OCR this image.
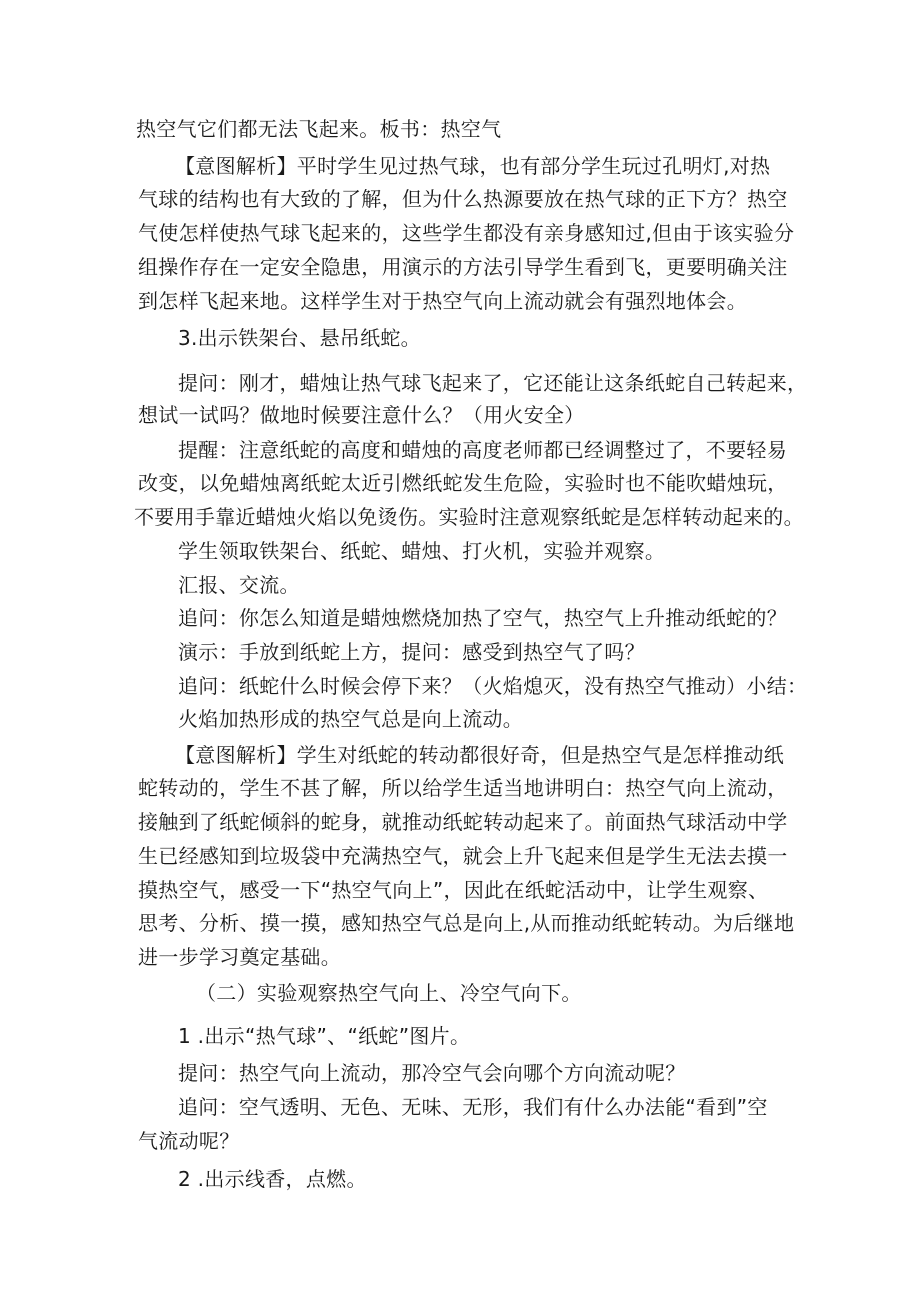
热空气它们都无法飞起来。板书：热空气
【意图解析】平时学生见过热气球，也有部分学生玩过孔明灯,对热
气球的结构也有大致的了解，但为什么热源要放在热气球的正下方？热空
气使怎样使热气球飞起来的，这些学生都没有亲身感知过,但由于该实验分
组操作存在一定安全隐患，用演示的方法引导学生看到飞，更要明确关注
到怎样飞起来地。这样学生对于热空气向上流动就会有强烈地体会。
3.出示铁架台、悬吊纸蛇。
提问：刚才，蜡烛让热气球飞起来了，它还能让这条纸蛇自己转起来，
想试一试吗？做地时候要注意什么？（用火安全）
提醒：注意纸蛇的高度和蜡烛的高度老师都已经调整过了，不要轻易
改变，以免蜡烛离纸蛇太近引燃纸蛇发生危险，实验时也不能吹蜡烛玩，
不要用手靠近蜡烛火焰以免烫伤。实验时注意观察纸蛇是怎样转动起来的。
学生领取铁架台、纸蛇、蜡烛、打火机，实验并观察。
汇报、交流。
追问：你怎么知道是蜡烛燃烧加热了空气，热空气上升推动纸蛇的？
演示：手放到纸蛇上方，提问：感受到热空气了吗？
追问：纸蛇什么时候会停下来？（火焰熄灭，没有热空气推动）小结：
火焰加热形成的热空气总是向上流动。
【意图解析】学生对纸蛇的转动都很好奇，但是热空气是怎样推动纸
蛇转动的，学生不甚了解，所以给学生适当地讲明白：热空气向上流动，
接触到了纸蛇倾斜的蛇身，就推动纸蛇转动起来了。前面热气球活动中学
生已经感知到垃圾袋中充满热空气，就会上升飞起来但是学生无法去摸一
摸热空气，感受一下“热空气向上”，因此在纸蛇活动中，让学生观察、
思考、分析、摸一摸，感知热空气总是向上,从而推动纸蛇转动。为后继地
进一步学习奠定基础。
（二）实验观察热空气向上、冷空气向下。
1 .出示“热气球”、“纸蛇”图片。
提问：热空气向上流动，那冷空气会向哪个方向流动呢？
追问：空气透明、无色、无味、无形，我们有什么办法能“看到”空
气流动呢？
2 .出示线香，点燃。
